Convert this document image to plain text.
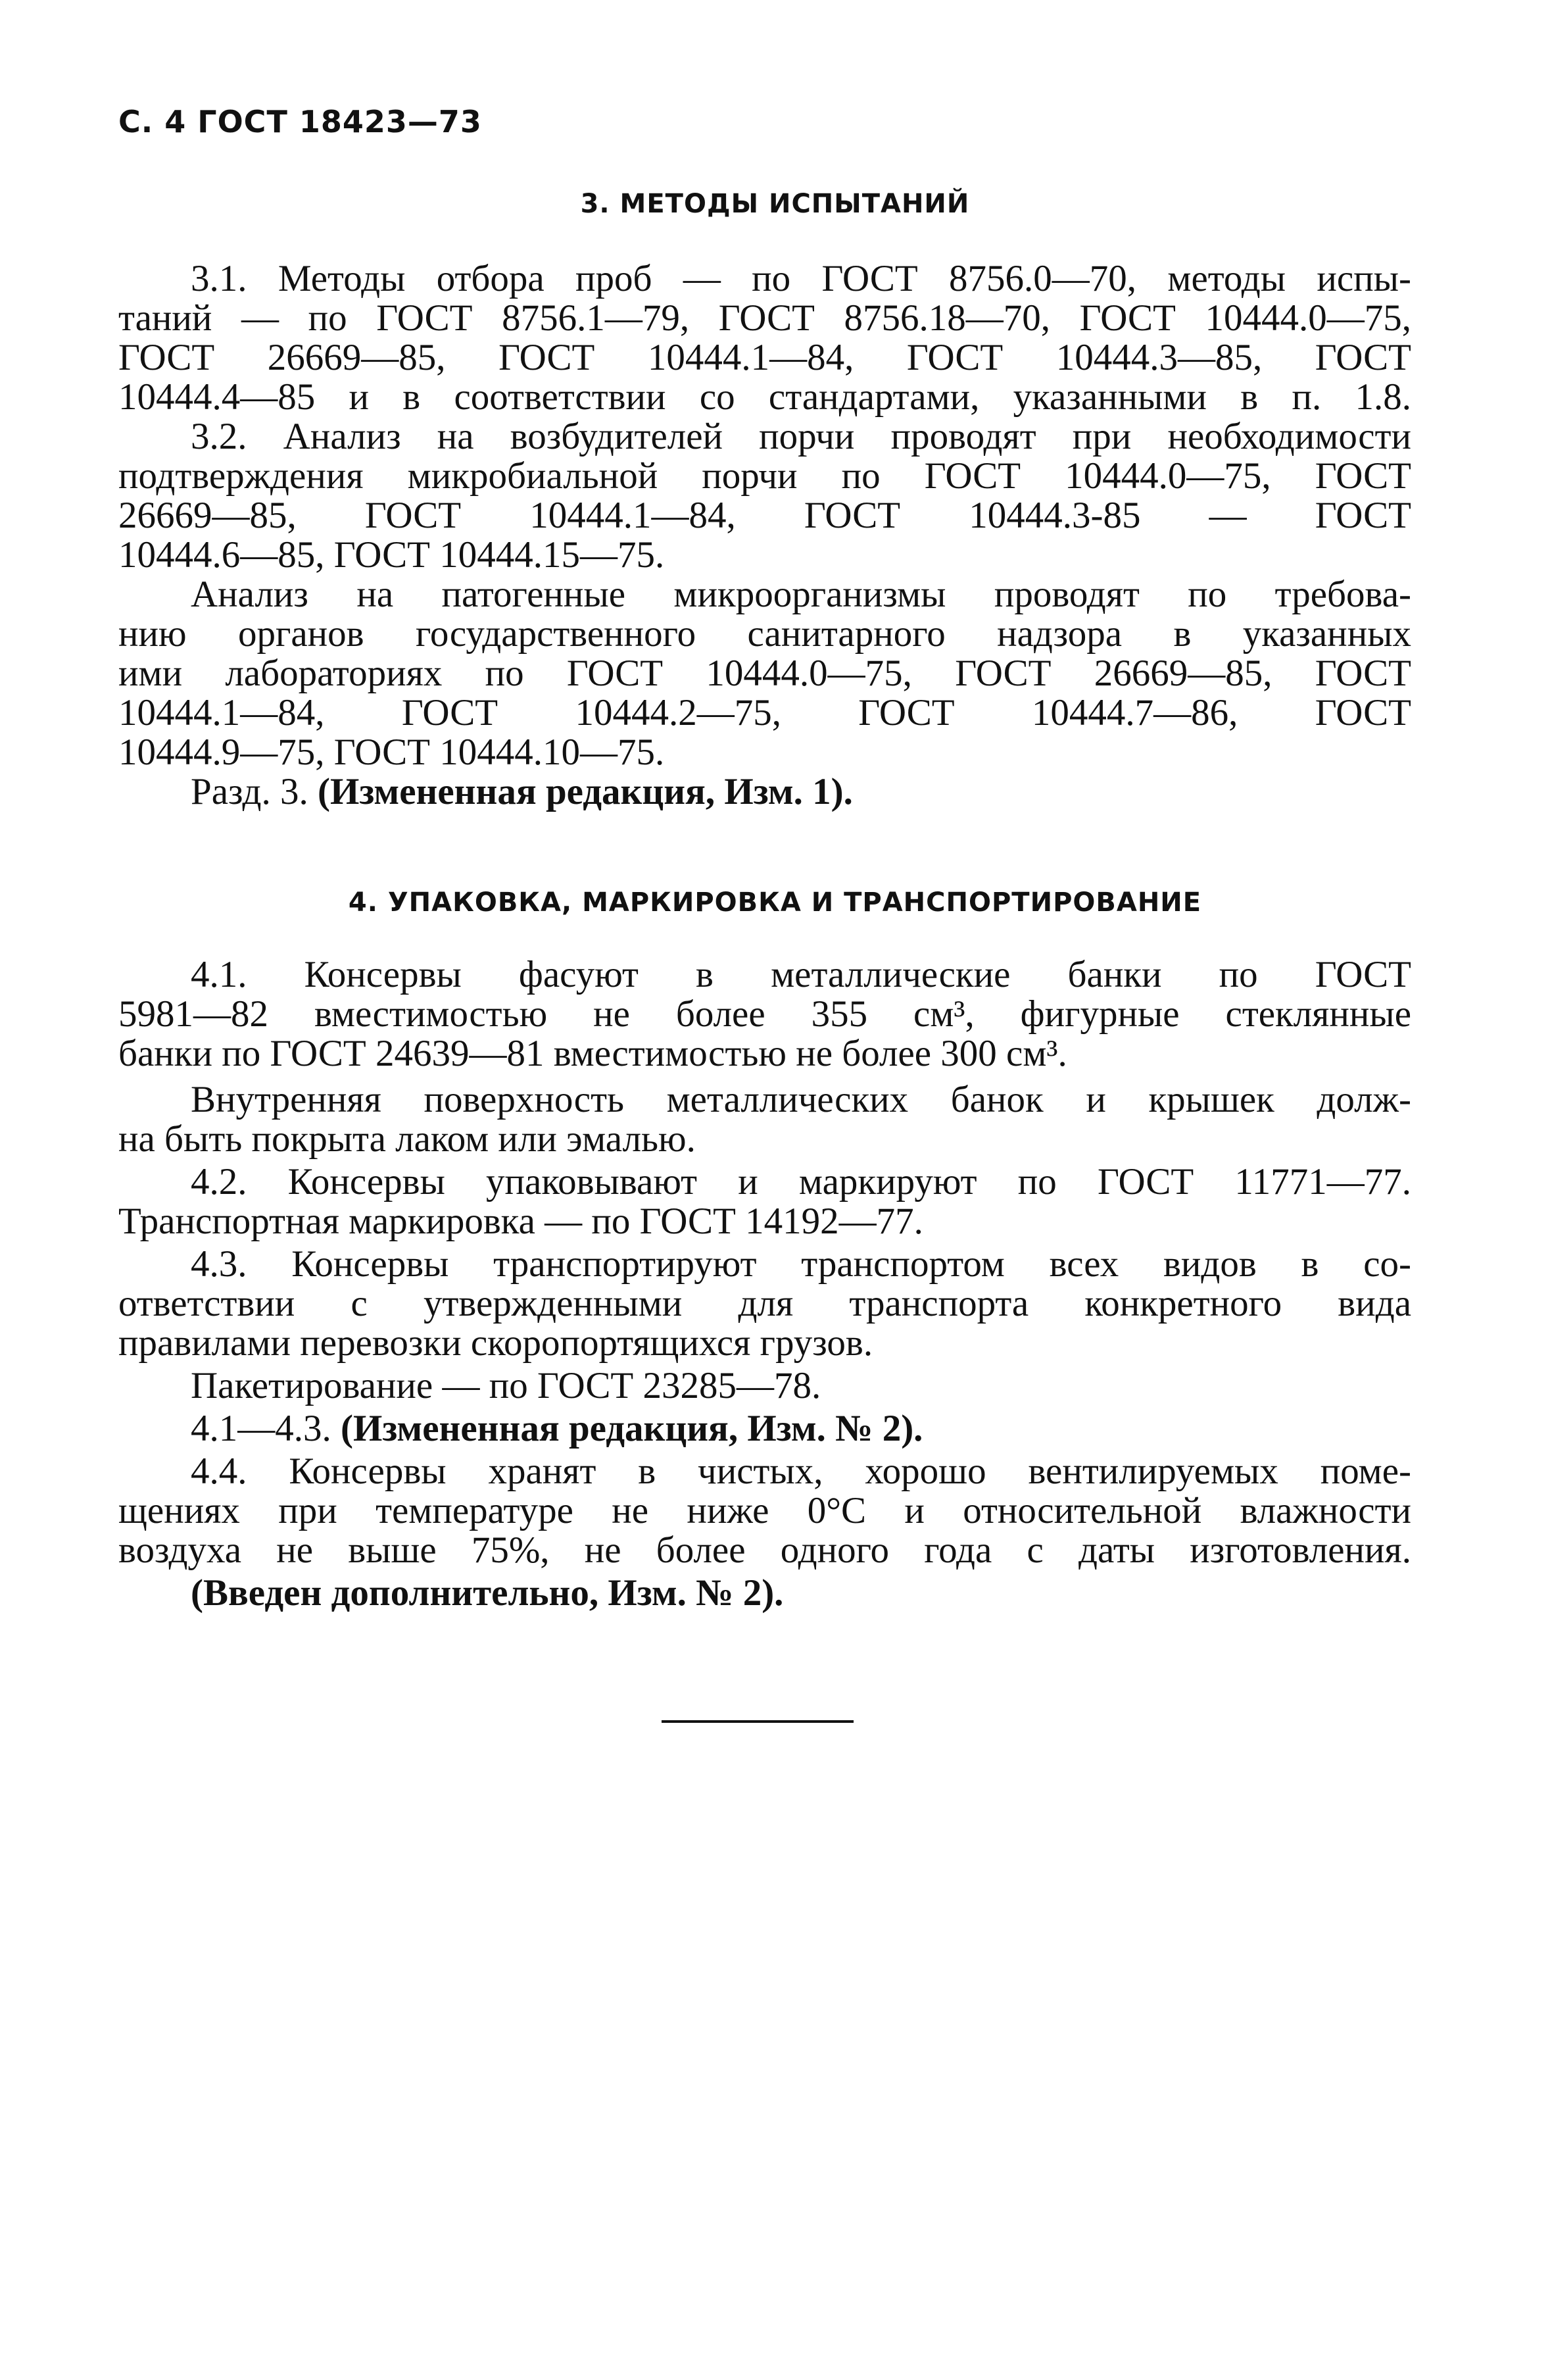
С. 4 ГОСТ 18423—73
3. МЕТОДЫ ИСПЫТАНИЙ
3.1. Методы отбора проб — по ГОСТ 8756.0—70, методы испы-
таний — по ГОСТ 8756.1—79, ГОСТ 8756.18—70, ГОСТ 10444.0—75,
ГОСТ 26669—85, ГОСТ 10444.1—84, ГОСТ 10444.3—85, ГОСТ
10444.4—85 и в соответствии со стандартами, указанными в п. 1.8.
3.2. Анализ на возбудителей порчи проводят при необходимости
подтверждения микробиальной порчи по ГОСТ 10444.0—75, ГОСТ
26669—85, ГОСТ 10444.1—84, ГОСТ 10444.3-85 — ГОСТ
10444.6—85, ГОСТ 10444.15—75.
Анализ на патогенные микроорганизмы проводят по требова-
нию органов государственного санитарного надзора в указанных
ими лабораториях по ГОСТ 10444.0—75, ГОСТ 26669—85, ГОСТ
10444.1—84, ГОСТ 10444.2—75, ГОСТ 10444.7—86, ГОСТ
10444.9—75, ГОСТ 10444.10—75.
Разд. 3. (Измененная редакция, Изм. 1).
4. УПАКОВКА, МАРКИРОВКА И ТРАНСПОРТИРОВАНИЕ
4.1. Консервы фасуют в металлические банки по ГОСТ
5981—82 вместимостью не более 355 см³, фигурные стеклянные
банки по ГОСТ 24639—81 вместимостью не более 300 см³.
Внутренняя поверхность металлических банок и крышек долж-
на быть покрыта лаком или эмалью.
4.2. Консервы упаковывают и маркируют по ГОСТ 11771—77.
Транспортная маркировка — по ГОСТ 14192—77.
4.3. Консервы транспортируют транспортом всех видов в со-
ответствии с утвержденными для транспорта конкретного вида
правилами перевозки скоропортящихся грузов.
Пакетирование — по ГОСТ 23285—78.
4.1—4.3. (Измененная редакция, Изм. № 2).
4.4. Консервы хранят в чистых, хорошо вентилируемых поме-
щениях при температуре не ниже 0°С и относительной влажности
воздуха не выше 75%, не более одного года с даты изготовления.
(Введен дополнительно, Изм. № 2).
